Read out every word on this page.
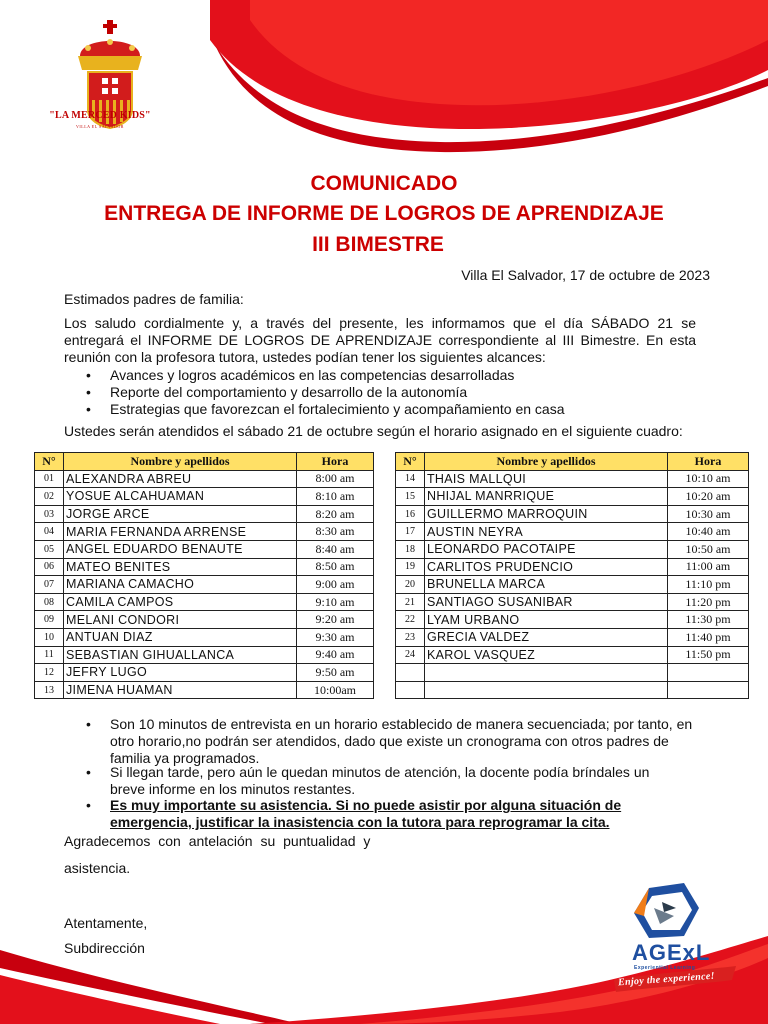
"LA MERCED KIDS"
VILLA EL SALVADOR
COMUNICADO
ENTREGA DE INFORME DE LOGROS DE APRENDIZAJE
III BIMESTRE
Villa El Salvador, 17 de octubre de 2023
Estimados padres de familia:
Los saludo cordialmente y, a través del presente, les informamos que el día SÁBADO 21 se entregará el INFORME DE LOGROS DE APRENDIZAJE correspondiente al III Bimestre. En esta reunión con la profesora tutora, ustedes podían tener los siguientes alcances:
•	Avances y logros académicos en las competencias desarrolladas
•	Reporte del comportamiento y desarrollo de la autonomía
•	Estrategias que favorezcan el fortalecimiento y acompañamiento en casa
Ustedes serán atendidos el sábado 21 de octubre según el horario asignado en el siguiente cuadro:
N°	Nombre y apellidos	Hora
01	ALEXANDRA ABREU	8:00 am
02	YOSUE ALCAHUAMAN	8:10 am
03	JORGE ARCE	8:20 am
04	MARIA FERNANDA ARRENSE	8:30 am
05	ANGEL EDUARDO BENAUTE	8:40 am
06	MATEO BENITES	8:50 am
07	MARIANA CAMACHO	9:00 am
08	CAMILA CAMPOS	9:10 am
09	MELANI CONDORI	9:20 am
10	ANTUAN DIAZ	9:30 am
11	SEBASTIAN GIHUALLANCA	9:40 am
12	JEFRY LUGO	9:50 am
13	JIMENA HUAMAN	10:00am
N°	Nombre y apellidos	Hora
14	THAIS MALLQUI	10:10 am
15	NHIJAL MANRRIQUE	10:20 am
16	GUILLERMO MARROQUIN	10:30 am
17	AUSTIN NEYRA	10:40 am
18	LEONARDO PACOTAIPE	10:50 am
19	CARLITOS PRUDENCIO	11:00 am
20	BRUNELLA MARCA	11:10 pm
21	SANTIAGO SUSANIBAR	11:20 pm
22	LYAM URBANO	11:30 pm
23	GRECIA VALDEZ	11:40 pm
24	KAROL VASQUEZ	11:50 pm

•	Son 10 minutos de entrevista en un horario establecido de manera secuenciada; por tanto, en otro horario,no podrán ser atendidos, dado que existe un cronograma con otros padres de familia ya programados.
•	Si llegan tarde, pero aún le quedan minutos de atención, la docente podía bríndales un breve informe en los minutos restantes.
•	Es muy importante su asistencia. Si no puede asistir por alguna situación de emergencia, justificar la inasistencia con la tutora para reprogramar la cita.
Agradecemos con antelación su puntualidad y
asistencia.
Atentamente,
Subdirección	AGExL
Experiential Learning
Enjoy the experience!
